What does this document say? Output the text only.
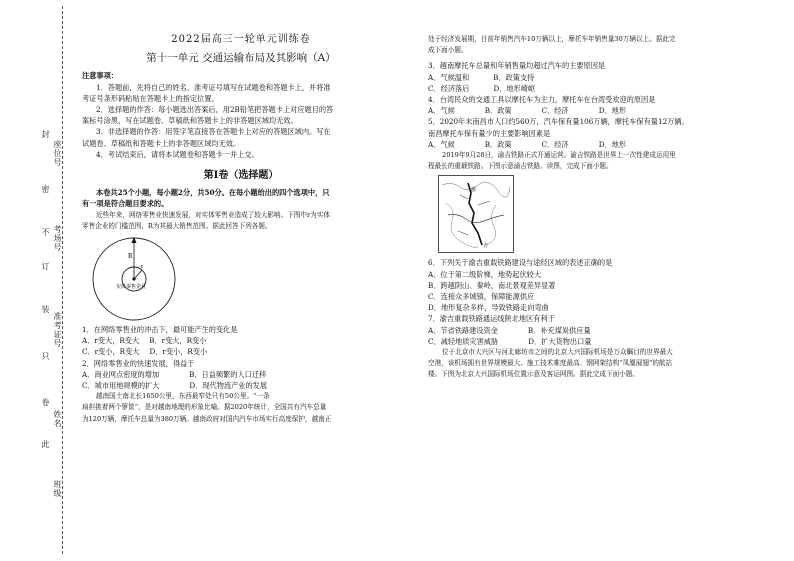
封
密
不
订
装
只
卷
此
座位号
考场号
准考证号
姓名
班级
2022届高三一轮单元训练卷
第十一单元 交通运输布局及其影响（A）
注意事项：
1．答题前，先将自己的姓名、准考证号填写在试题卷和答题卡上，并将准
考证号条形码粘贴在答题卡上的指定位置。
2．选择题的作答：每小题选出答案后，用2B铅笔把答题卡上对应题目的答
案标号涂黑，写在试题卷、草稿纸和答题卡上的非答题区域均无效。
3．非选择题的作答：用签字笔直接答在答题卡上对应的答题区域内。写在
试题卷、草稿纸和答题卡上的非答题区域均无效。
4．考试结束后，请将本试题卷和答题卡一并上交。
第Ⅰ卷（选择题）
本卷共25个小题，每小题2分，共50分。在每小题给出的四个选项中，只
有一项是符合题目要求的。
近些年来，网络零售业快速发展，对实体零售业造成了较大影响。下图中r为实体
零售企业的门槛范围，R为其最大销售范围。据此回答下列各题。
R
r
实体零售企业
1．在网络零售业的冲击下，最可能产生的变化是
A．r变大，R变大 B．r变大，R变小
C．r变小，R变大 D．r变小，R变小
2．网络零售业的快速发展，得益于
A．商业网点密度的增加	B．日益频繁的人口迁移
C．城市用地规模的扩大	D．现代物流产业的发展
越南国土南北长1650公里，东西最窄处只有50公里。“一条
扁担挑着两个箩筐”，是对越南地理的形象比喻。据2020年统计，全国共有汽车总量
为120万辆，摩托车总量为380万辆。越南政府对国内汽车市场实行高度保护，越南正
处于经济发展期，目前年销售汽车10万辆以上，摩托车年销售量30万辆以上。据此完
成下面小题。
3．越南摩托车总量和年销售量均超过汽车的主要原因是
A．气候温和	B．政策支持
C．经济落后	D．地形崎岖
4．台湾民众的交通工具以摩托车为主力，摩托车在台湾受欢迎的原因是
A．气候	B．政策	C．经济	D．地形
5．2020年末南昌市人口约560万，汽车保有量106万辆，摩托车保有量12万辆。
南昌摩托车保有量少的主要影响因素是
A．气候	B．政策	C．经济	D．地形
2019年9月28日，渝吉铁路正式开通运营。渝吉铁路是世界上一次性建成运用里
程最长的重载铁路。下图示意渝吉铁路。读图，完成下面小题。
渝
吉
6．下列关于渝吉重载铁路建设与途经区域的表述正确的是
A．位于第二级阶梯，地势起伏较大
B．跨越阴山、秦岭，南北景观差异显著
C．连接众多城镇，保障能源供应
D．地形复杂多样，导致铁路走向弯曲
7．渝吉重载铁路通运线陕北地区有利于
A．节省铁路建设资金	B．补充煤炭供应量
C．减轻地质灾害威胁	D．扩大货物出口量
位于北京市大兴区与河北廊坊市之间的北京大兴国际机场是万众瞩目的世界最大
空港，该机场拥有世界规模最大、施工技术难度最高、钢网架结构“凤凰展翅”的航站
楼。下图为北京大兴国际机场位置示意及客运网图。据此完成下面小题。
